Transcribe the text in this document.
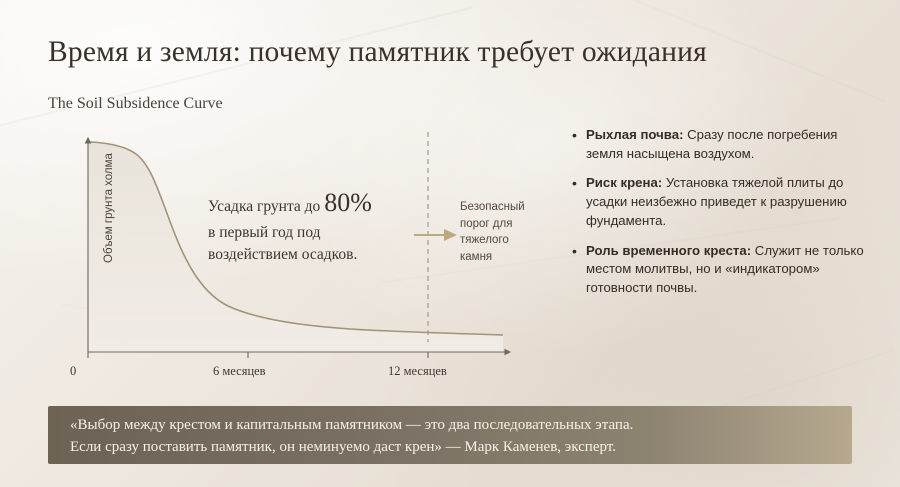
Время и земля: почему памятник требует ожидания
The Soil Subsidence Curve
Объем грунта холма
0	6 месяцев	12 месяцев
Усадка грунта до 80%
в первый год под
воздействием осадков.
Безопасный
порог для
тяжелого
камня
• Рыхлая почва: Сразу после погребения земля насыщена воздухом.
• Риск крена: Установка тяжелой плиты до усадки неизбежно приведет к разрушению фундамента.
• Роль временного креста: Служит не только местом молитвы, но и «индикатором» готовности почвы.
«Выбор между крестом и капитальным памятником — это два последовательных этапа.
Если сразу поставить памятник, он неминуемо даст крен» — Марк Каменев, эксперт.
